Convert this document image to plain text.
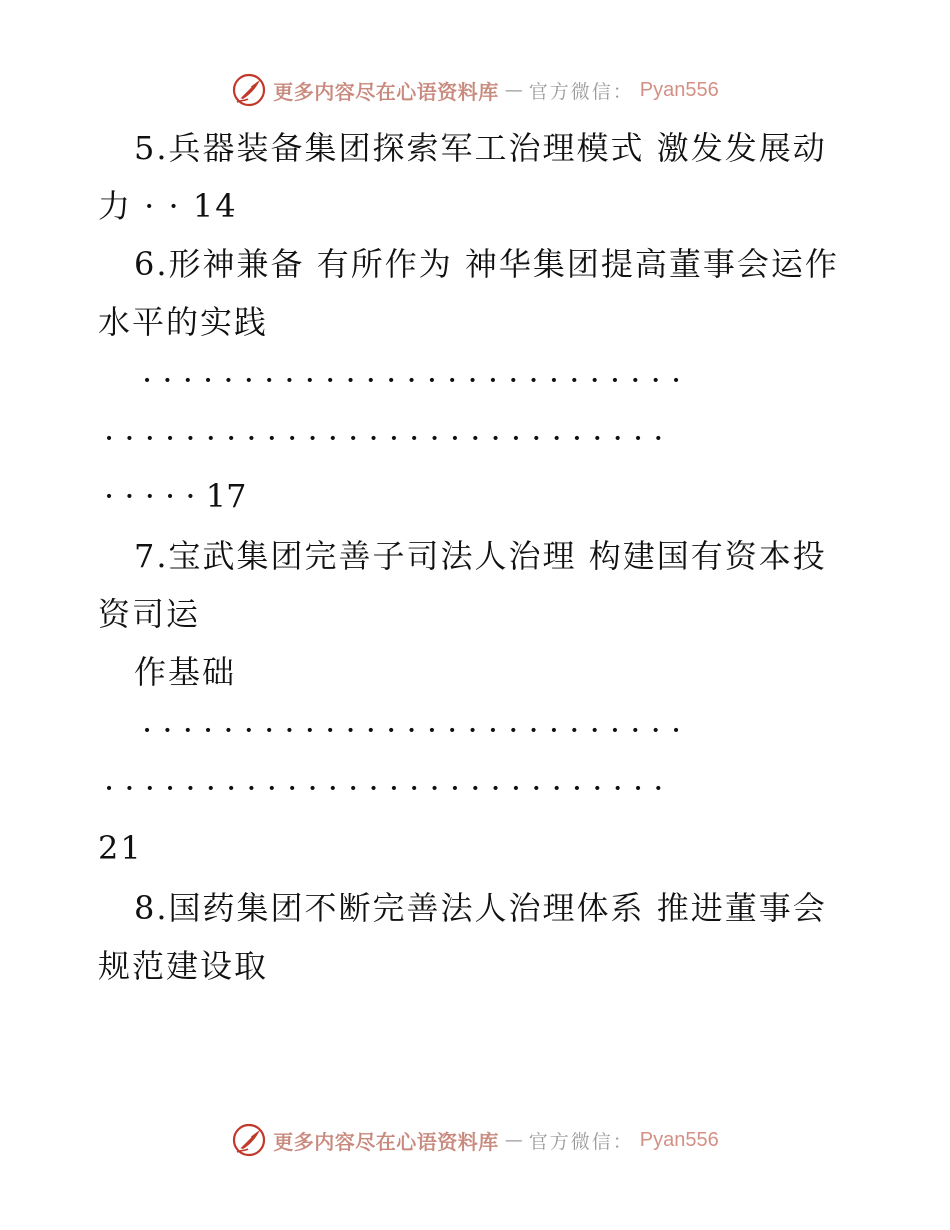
更多内容尽在心语资料库 — 官方微信： Pyan556
5.兵器装备集团探索军工治理模式 激发发展动
力 · · 14
6.形神兼备 有所作为 神华集团提高董事会运作
水平的实践
· · · · · · · · · · · · · · · · · · · · · · · · · · ·
· · · · · · · · · · · · · · · · · · · · · · · · · · · ·
· · · · · 17
7.宝武集团完善子司法人治理 构建国有资本投
资司运
作基础
· · · · · · · · · · · · · · · · · · · · · · · · · · ·
· · · · · · · · · · · · · · · · · · · · · · · · · · · ·
21
8.国药集团不断完善法人治理体系 推进董事会
规范建设取
更多内容尽在心语资料库 — 官方微信： Pyan556
